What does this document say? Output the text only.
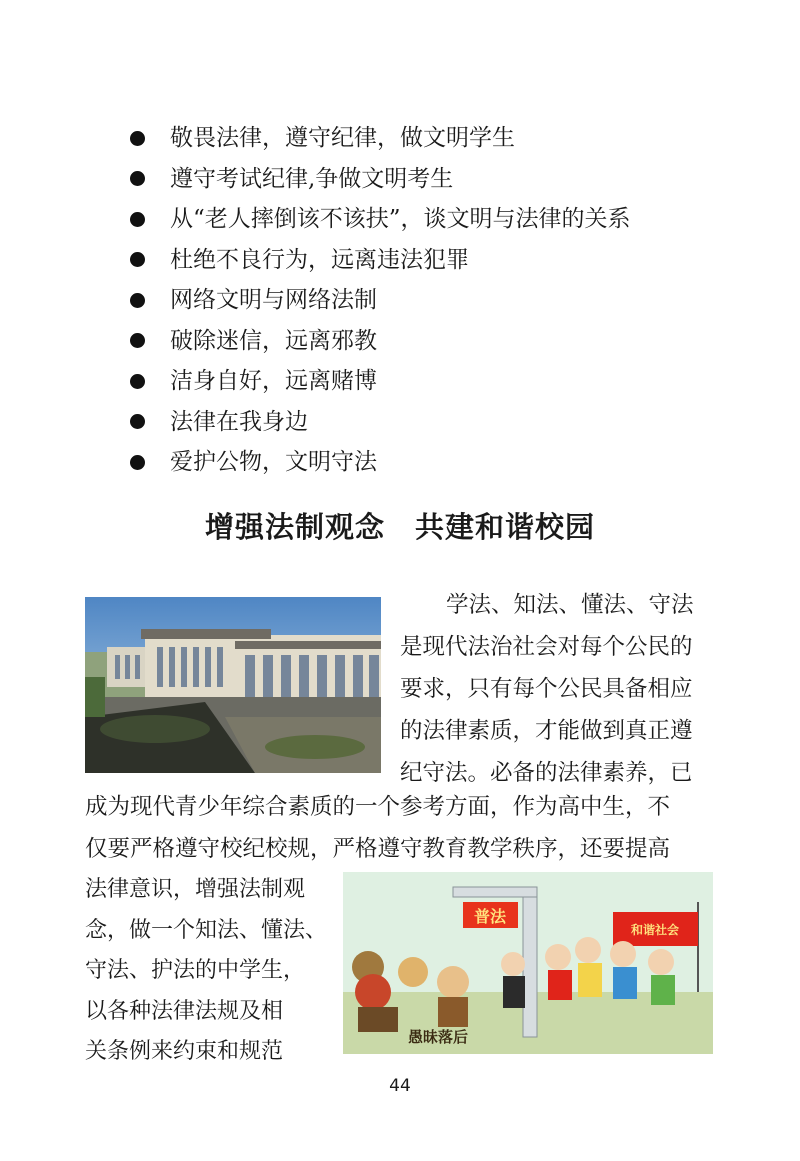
敬畏法律，遵守纪律，做文明学生
遵守考试纪律,争做文明考生
从“老人摔倒该不该扶”，谈文明与法律的关系
杜绝不良行为，远离违法犯罪
网络文明与网络法制
破除迷信，远离邪教
洁身自好，远离赌博
法律在我身边
爱护公物，文明守法
增强法制观念　共建和谐校园
学法、知法、懂法、守法
是现代法治社会对每个公民的
要求，只有每个公民具备相应
的法律素质，才能做到真正遵
纪守法。必备的法律素养，已
成为现代青少年综合素质的一个参考方面，作为高中生，不
仅要严格遵守校纪校规，严格遵守教育教学秩序，还要提高
法律意识，增强法制观
念，做一个知法、懂法、
守法、护法的中学生，
以各种法律法规及相
关条例来约束和规范
普法
和谐社会
愚昧落后
44
